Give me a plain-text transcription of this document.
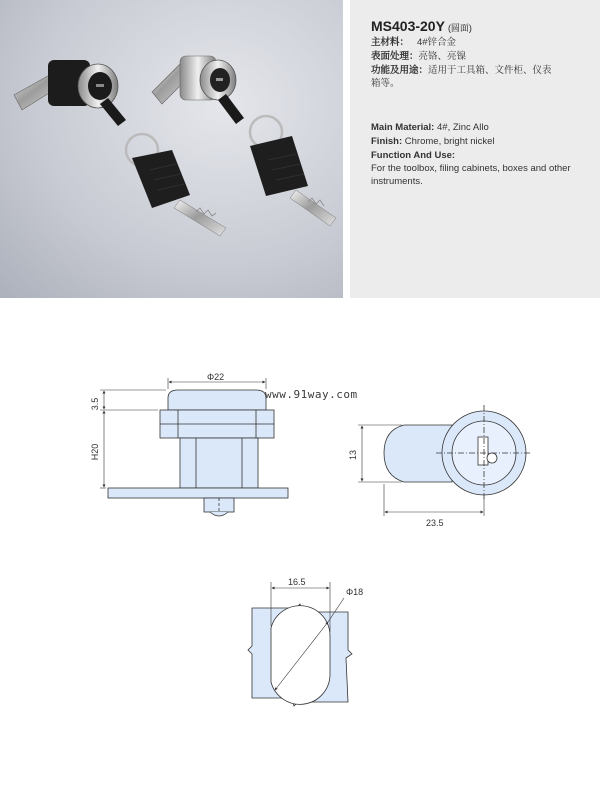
MS403-20Y (圆面)
主材料： 4#锌合金
表面处理：亮铬、亮镍
功能及用途：适用于工具箱、文件柜、仪表
箱等。
Main Material: 4#, Zinc Allo
Finish: Chrome, bright nickel
Function And Use:
For the toolbox, filing cabinets, boxes and other instruments.
Φ22
3.5
H20	13
23.5
16.5
Φ18
www.91way.com
